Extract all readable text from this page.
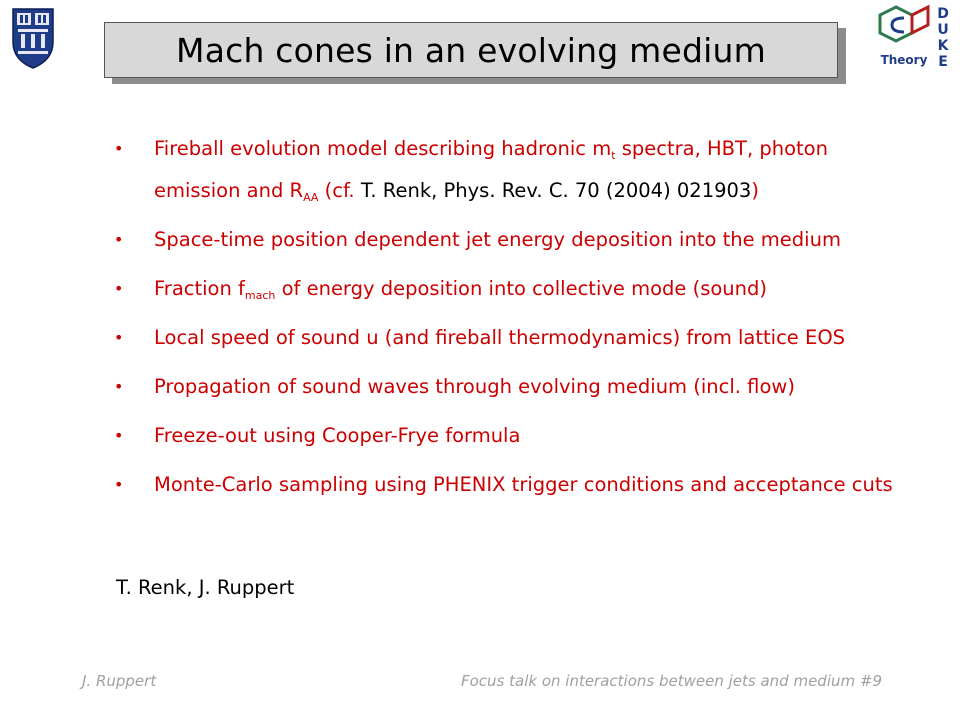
D
U
K
E
Theory
Mach cones in an evolving medium
• Fireball evolution model describing hadronic $m_t$ spectra, HBT, photon
emission and $R_{AA}$ (cf. T. Renk, Phys. Rev. C. 70 (2004) 021903)
• Space-time position dependent jet energy deposition into the medium
• Fraction $f_{mach}$ of energy deposition into collective mode (sound)
• Local speed of sound u (and fireball thermodynamics) from lattice EOS
• Propagation of sound waves through evolving medium (incl. flow)
• Freeze-out using Cooper-Frye formula
• Monte-Carlo sampling using PHENIX trigger conditions and acceptance cuts
T. Renk, J. Ruppert
J. Ruppert	Focus talk on interactions between jets and medium #9
